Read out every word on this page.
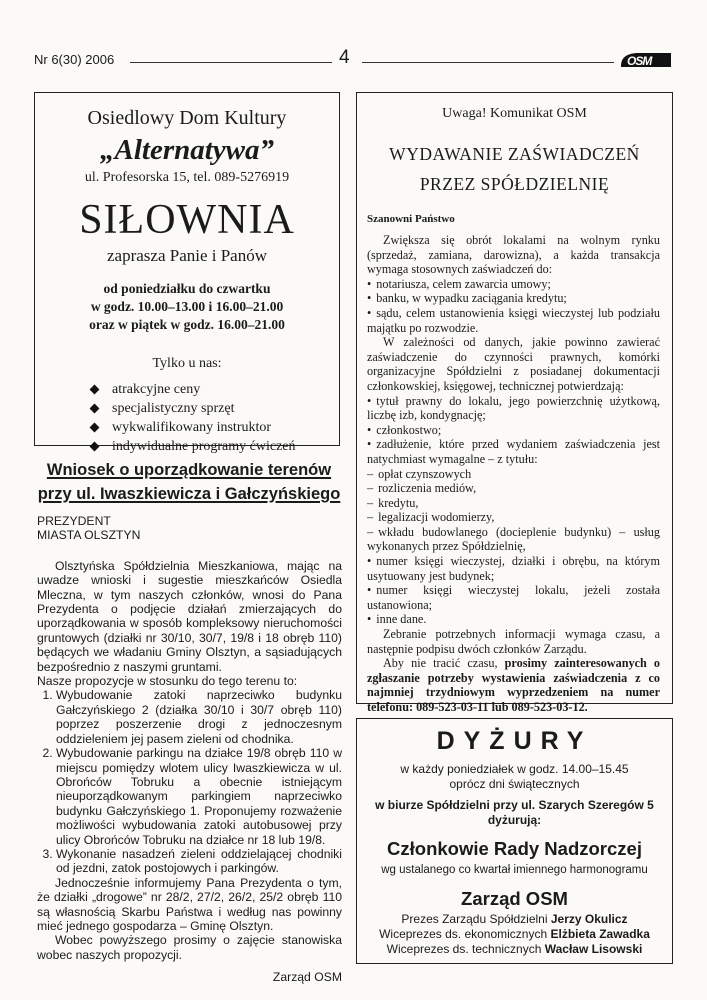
Nr 6(30) 2006	4	OSM
Osiedlowy Dom Kultury
„Alternatywa”
ul. Profesorska 15, tel. 089-5276919
SIŁOWNIA
zaprasza Panie i Panów
od poniedziałku do czwartku
w godz. 10.00–13.00 i 16.00–21.00
oraz w piątek w godz. 16.00–21.00
Tylko u nas:
atrakcyjne ceny
specjalistyczny sprzęt
wykwalifikowany instruktor
indywidualne programy ćwiczeń
Wniosek o uporządkowanie terenów
przy ul. Iwaszkiewicza i Gałczyńskiego

PREZYDENT

MIASTA OLSZTYN

Olsztyńska Spółdzielnia Mieszkaniowa, mając na uwadze wnioski i sugestie mieszkańców Osiedla Mleczna, w tym naszych członków, wnosi do Pana Prezydenta o podjęcie działań zmierzających do uporządkowania w sposób kompleksowy nieruchomości gruntowych (działki nr 30/10, 30/7, 19/8 i 18 obręb 110) będących we władaniu Gminy Olsztyn, a sąsiadujących bezpośrednio z naszymi gruntami.

Nasze propozycje w stosunku do tego terenu to:

1. Wybudowanie zatoki naprzeciwko budynku Gałczyńskiego 2 (działka 30/10 i 30/7 obręb 110) poprzez poszerzenie drogi z jednoczesnym oddzieleniem jej pasem zieleni od chodnika.
2. Wybudowanie parkingu na działce 19/8 obręb 110 w miejscu pomiędzy wlotem ulicy Iwaszkiewicza w ul. Obrońców Tobruku a obecnie istniejącym nieuporządkowanym parkingiem naprzeciwko budynku Gałczyńskiego 1. Proponujemy rozważenie możliwości wybudowania zatoki autobusowej przy ulicy Obrońców Tobruku na działce nr 18 lub 19/8.
3. Wykonanie nasadzeń zieleni oddzielającej chodniki od jezdni, zatok postojowych i parkingów.

Jednocześnie informujemy Pana Prezydenta o tym, że działki „drogowe” nr 28/2, 27/2, 26/2, 25/2 obręb 110 są własnością Skarbu Państwa i według nas powinny mieć jednego gospodarza – Gminę Olsztyn.

Wobec powyższego prosimy o zajęcie stanowiska wobec naszych propozycji.

Zarząd OSM

Uwaga! Komunikat OSM
WYDAWANIE ZAŚWIADCZEŃ
PRZEZ SPÓŁDZIELNIĘ
Szanowni Państwo

Zwiększa się obrót lokalami na wolnym rynku (sprzedaż, zamiana, darowizna), a każda transakcja wymaga stosownych zaświadczeń do:

• notariusza, celem zawarcia umowy;
• banku, w wypadku zaciągania kredytu;
• sądu, celem ustanowienia księgi wieczystej lub podziału majątku po rozwodzie.

W zależności od danych, jakie powinno zawierać zaświadczenie do czynności prawnych, komórki organizacyjne Spółdzielni z posiadanej dokumentacji członkowskiej, księgowej, technicznej potwierdzają:

• tytuł prawny do lokalu, jego powierzchnię użytkową, liczbę izb, kondygnację;
• członkostwo;
• zadłużenie, które przed wydaniem zaświadczenia jest natychmiast wymagalne – z tytułu:
– opłat czynszowych
– rozliczenia mediów,
– kredytu,
– legalizacji wodomierzy,
– wkładu budowlanego (docieplenie budynku) – usług wykonanych przez Spółdzielnię,
• numer księgi wieczystej, działki i obrębu, na którym usytuowany jest budynek;
• numer księgi wieczystej lokalu, jeżeli została ustanowiona;
• inne dane.

Zebranie potrzebnych informacji wymaga czasu, a następnie podpisu dwóch członków Zarządu.

Aby nie tracić czasu, prosimy zainteresowanych o zgłaszanie potrzeby wystawienia zaświadczenia z co najmniej trzydniowym wyprzedzeniem na numer telefonu: 089-523-03-11 lub 089-523-03-12.

DYŻURY
w każdy poniedziałek w godz. 14.00–15.45
oprócz dni świątecznych
w biurze Spółdzielni przy ul. Szarych Szeregów 5
dyżurują:
Członkowie Rady Nadzorczej
wg ustalanego co kwartał imiennego harmonogramu
Zarząd OSM
Prezes Zarządu Spółdzielni Jerzy Okulicz
Wiceprezes ds. ekonomicznych Elżbieta Zawadka
Wiceprezes ds. technicznych Wacław Lisowski
